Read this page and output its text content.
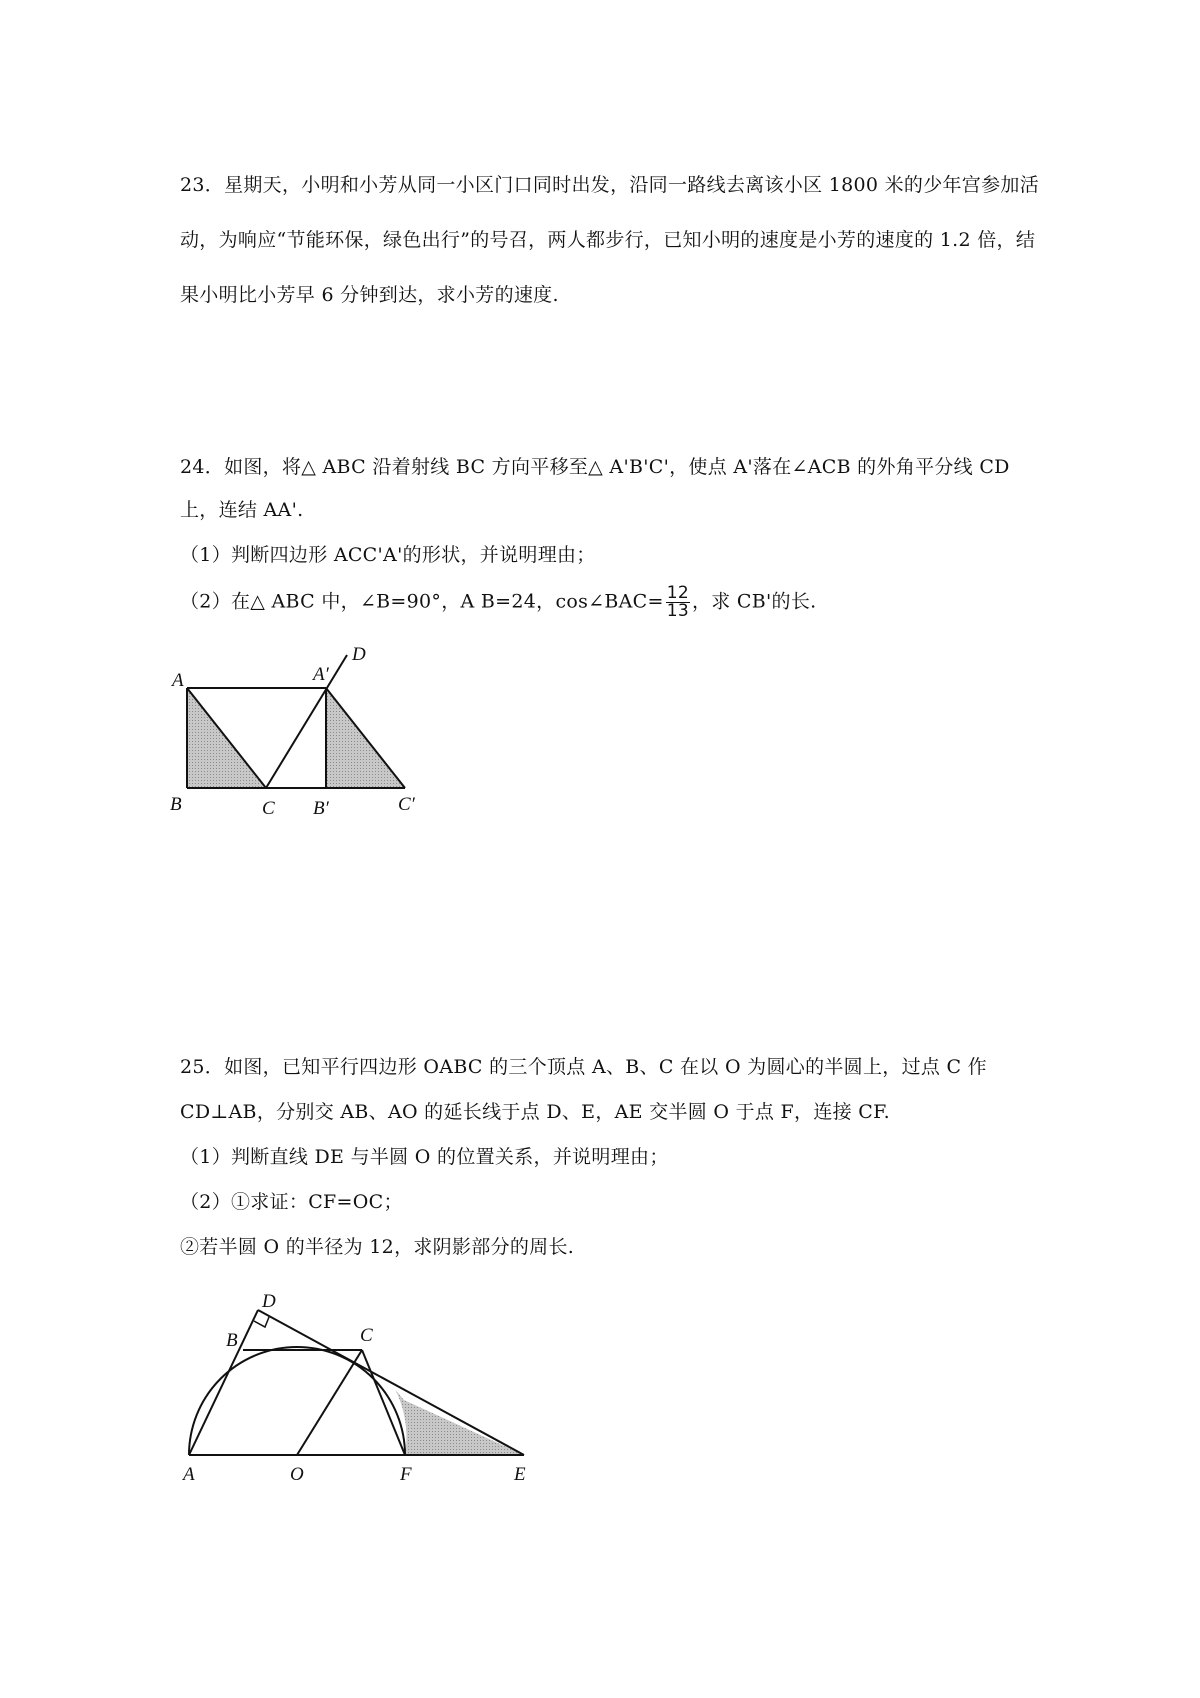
23．星期天，小明和小芳从同一小区门口同时出发，沿同一路线去离该小区 1800 米的少年宫参加活动，为响应“节能环保，绿色出行”的号召，两人都步行，已知小明的速度是小芳的速度的 1.2 倍，结果小明比小芳早 6 分钟到达，求小芳的速度.
24．如图，将△ ABC 沿着射线 BC 方向平移至△ A'B'C'，使点 A'落在∠ACB 的外角平分线 CD
上，连结 AA'.
（1）判断四边形 ACC'A'的形状，并说明理由；
（2）在△ ABC 中，∠B=90°，A B=24，cos∠BAC= $\frac{12}{13}$ ，求 CB'的长.
A	A′
D
B	C B′	C′
25．如图，已知平行四边形 OABC 的三个顶点 A、B、C 在以 O 为圆心的半圆上，过点 C 作
CD⊥AB，分别交 AB、AO 的延长线于点 D、E，AE 交半圆 O 于点 F，连接 CF.
（1）判断直线 DE 与半圆 O 的位置关系，并说明理由；
（2）①求证：CF=OC；
②若半圆 O 的半径为 12，求阴影部分的周长.
D
B	C
A	O	F	E
